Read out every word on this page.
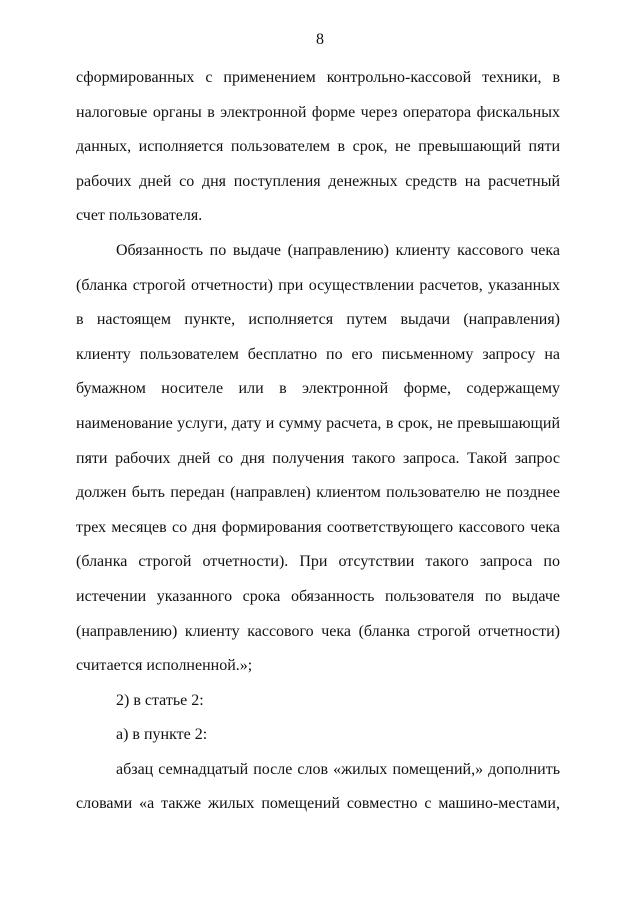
8

сформированных с применением контрольно-кассовой техники, в налоговые органы в электронной форме через оператора фискальных данных, исполняется пользователем в срок, не превышающий пяти рабочих дней со дня поступления денежных средств на расчетный счет пользователя.

Обязанность по выдаче (направлению) клиенту кассового чека (бланка строгой отчетности) при осуществлении расчетов, указанных в настоящем пункте, исполняется путем выдачи (направления) клиенту пользователем бесплатно по его письменному запросу на бумажном носителе или в электронной форме, содержащему наименование услуги, дату и сумму расчета, в срок, не превышающий пяти рабочих дней со дня получения такого запроса. Такой запрос должен быть передан (направлен) клиентом пользователю не позднее трех месяцев со дня формирования соответствующего кассового чека (бланка строгой отчетности). При отсутствии такого запроса по истечении указанного срока обязанность пользователя по выдаче (направлению) клиенту кассового чека (бланка строгой отчетности) считается исполненной.»;

2) в статье 2:

а) в пункте 2:

абзац семнадцатый после слов «жилых помещений,» дополнить словами «а также жилых помещений совместно с машино-местами,
